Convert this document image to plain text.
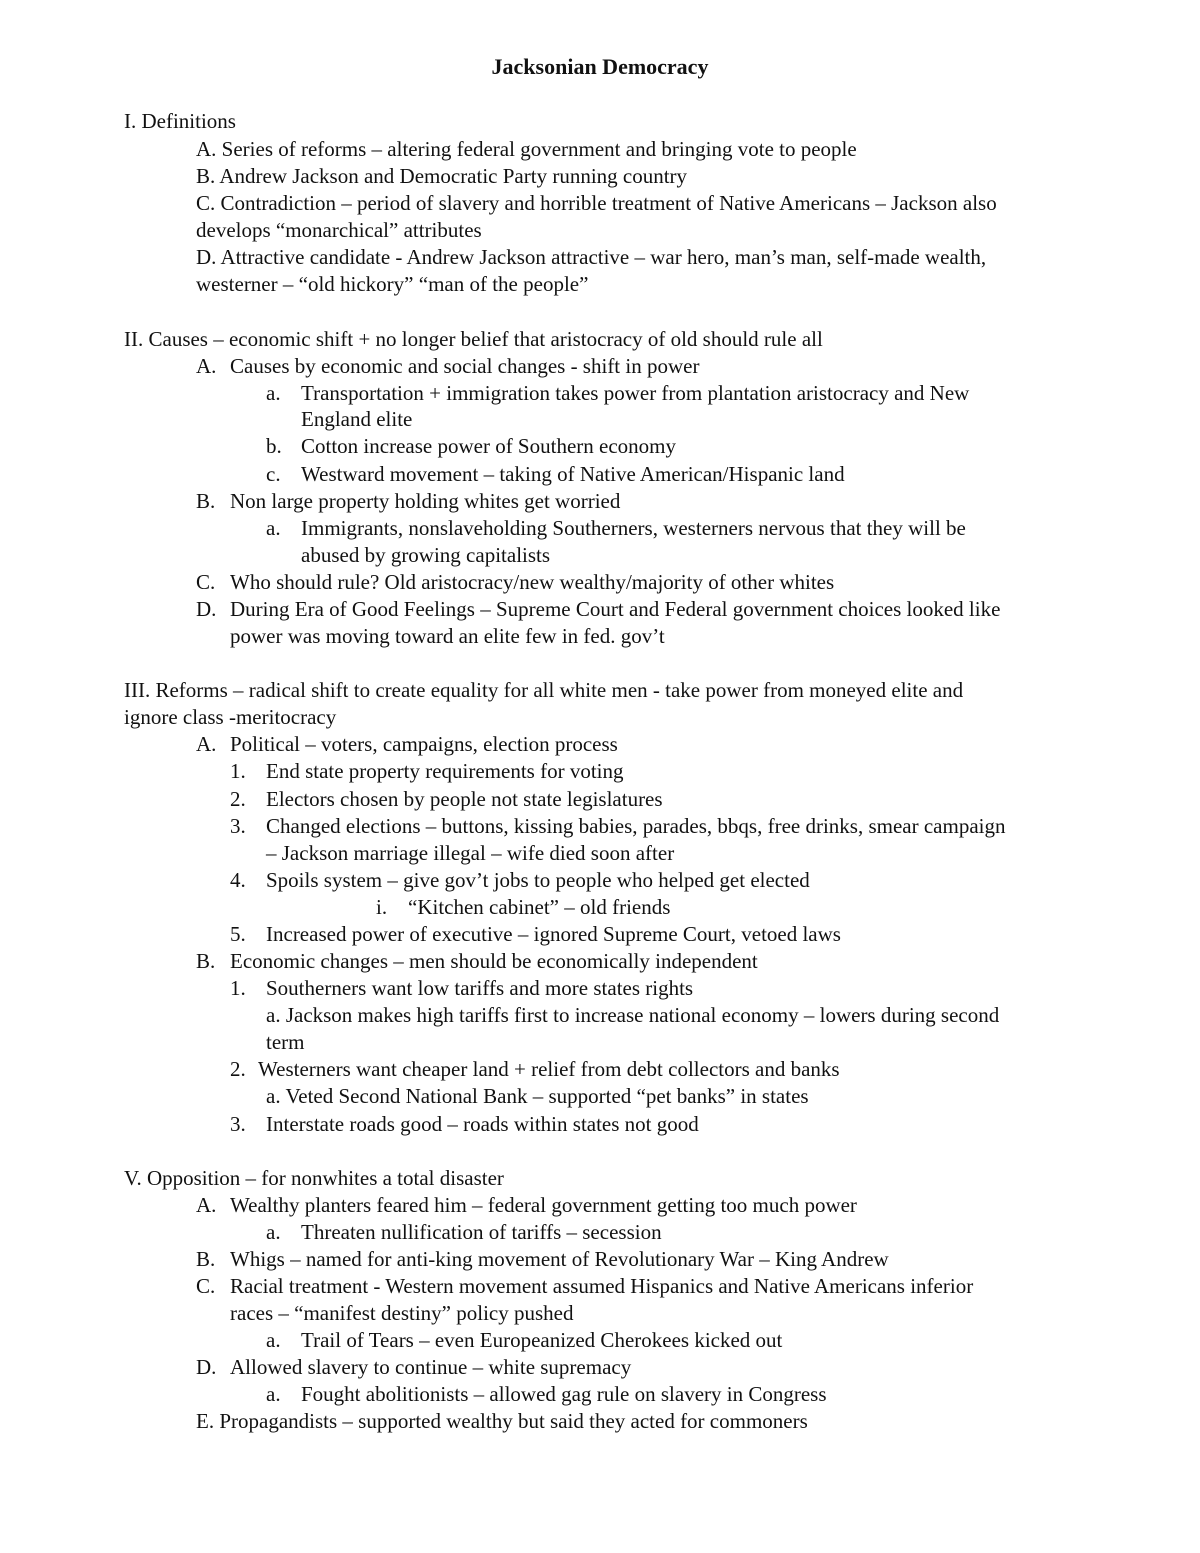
Jacksonian Democracy
I. Definitions
A. Series of reforms – altering federal government and bringing vote to people
B. Andrew Jackson and Democratic Party running country
C. Contradiction – period of slavery and horrible treatment of Native Americans – Jackson also
develops “monarchical” attributes
D. Attractive candidate - Andrew Jackson attractive – war hero, man’s man, self-made wealth,
westerner – “old hickory” “man of the people”
II. Causes – economic shift + no longer belief that aristocracy of old should rule all
A. Causes by economic and social changes - shift in power
a. Transportation + immigration takes power from plantation aristocracy and New
England elite
b. Cotton increase power of Southern economy
c. Westward movement – taking of Native American/Hispanic land
B. Non large property holding whites get worried
a. Immigrants, nonslaveholding Southerners, westerners nervous that they will be
abused by growing capitalists
C. Who should rule? Old aristocracy/new wealthy/majority of other whites
D. During Era of Good Feelings – Supreme Court and Federal government choices looked like
power was moving toward an elite few in fed. gov’t
III. Reforms – radical shift to create equality for all white men - take power from moneyed elite and
ignore class -meritocracy
A. Political – voters, campaigns, election process
1. End state property requirements for voting
2. Electors chosen by people not state legislatures
3. Changed elections – buttons, kissing babies, parades, bbqs, free drinks, smear campaign
– Jackson marriage illegal – wife died soon after
4. Spoils system – give gov’t jobs to people who helped get elected
i. “Kitchen cabinet” – old friends
5. Increased power of executive – ignored Supreme Court, vetoed laws
B. Economic changes – men should be economically independent
1. Southerners want low tariffs and more states rights
a. Jackson makes high tariffs first to increase national economy – lowers during second
term
2. Westerners want cheaper land + relief from debt collectors and banks
a. Veted Second National Bank – supported “pet banks” in states
3. Interstate roads good – roads within states not good
V. Opposition – for nonwhites a total disaster
A. Wealthy planters feared him – federal government getting too much power
a. Threaten nullification of tariffs – secession
B. Whigs – named for anti-king movement of Revolutionary War – King Andrew
C. Racial treatment - Western movement assumed Hispanics and Native Americans inferior
races – “manifest destiny” policy pushed
a. Trail of Tears – even Europeanized Cherokees kicked out
D. Allowed slavery to continue – white supremacy
a. Fought abolitionists – allowed gag rule on slavery in Congress
E. Propagandists – supported wealthy but said they acted for commoners
